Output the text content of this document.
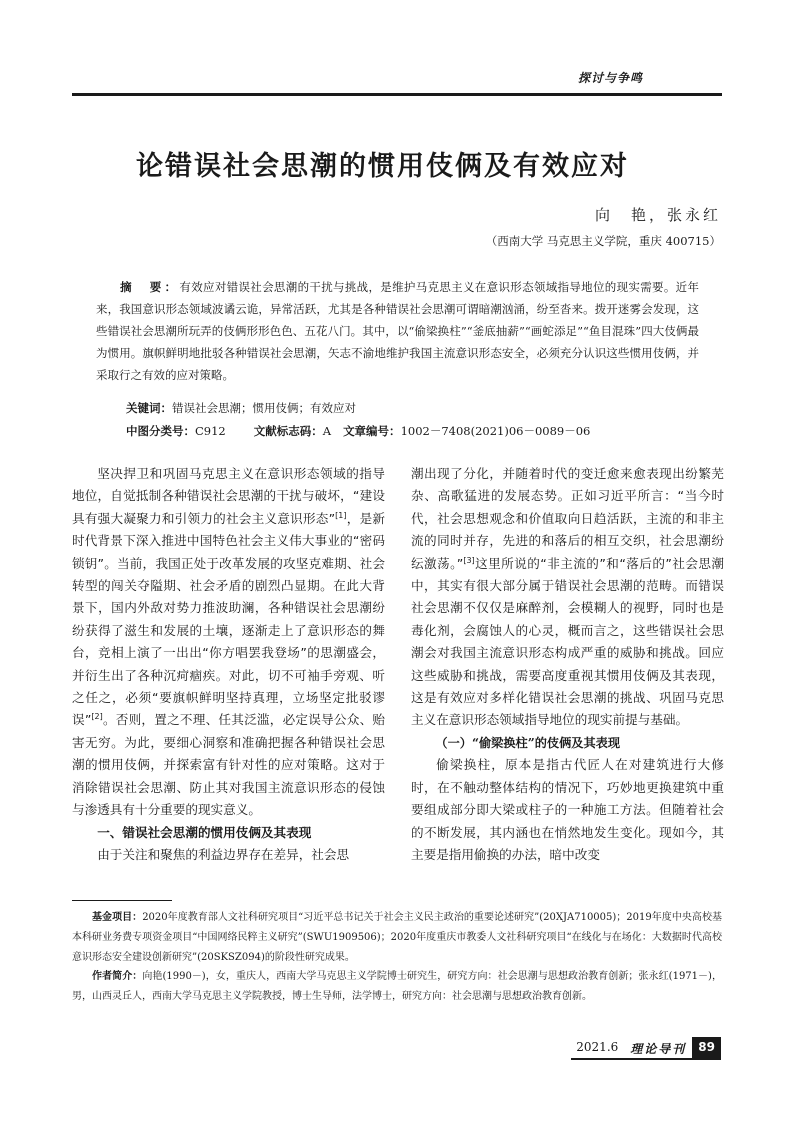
探讨与争鸣
论错误社会思潮的惯用伎俩及有效应对
向　艳，张永红
（西南大学 马克思主义学院，重庆 400715）
摘　要：有效应对错误社会思潮的干扰与挑战，是维护马克思主义在意识形态领域指导地位的现实需要。近年来，我国意识形态领域波谲云诡，异常活跃，尤其是各种错误社会思潮可谓暗潮汹涌，纷至沓来。拨开迷雾会发现，这些错误社会思潮所玩弄的伎俩形形色色、五花八门。其中，以“偷梁换柱”“釜底抽薪”“画蛇添足”“鱼目混珠”四大伎俩最为惯用。旗帜鲜明地批驳各种错误社会思潮，矢志不渝地维护我国主流意识形态安全，必须充分认识这些惯用伎俩，并采取行之有效的应对策略。
关键词：错误社会思潮；惯用伎俩；有效应对
中图分类号：C912 文献标志码：A 文章编号：1002－7408(2021)06－0089－06

坚决捍卫和巩固马克思主义在意识形态领域的指导地位，自觉抵制各种错误社会思潮的干扰与破坏，“建设具有强大凝聚力和引领力的社会主义意识形态”[1]，是新时代背景下深入推进中国特色社会主义伟大事业的“密码锁钥”。当前，我国正处于改革发展的攻坚克难期、社会转型的闯关夺隘期、社会矛盾的剧烈凸显期。在此大背景下，国内外敌对势力推波助澜，各种错误社会思潮纷纷获得了滋生和发展的土壤，逐渐走上了意识形态的舞台，竞相上演了一出出“你方唱罢我登场”的思潮盛会，并衍生出了各种沉疴痼疾。对此，切不可袖手旁观、听之任之，必须“要旗帜鲜明坚持真理，立场坚定批驳谬误”[2]。否则，置之不理、任其泛滥，必定误导公众、贻害无穷。为此，要细心洞察和准确把握各种错误社会思潮的惯用伎俩，并探索富有针对性的应对策略。这对于消除错误社会思潮、防止其对我国主流意识形态的侵蚀与渗透具有十分重要的现实意义。

一、错误社会思潮的惯用伎俩及其表现

由于关注和聚焦的利益边界存在差异，社会思

潮出现了分化，并随着时代的变迁愈来愈表现出纷繁芜杂、高歌猛进的发展态势。正如习近平所言：“当今时代，社会思想观念和价值取向日趋活跃，主流的和非主流的同时并存，先进的和落后的相互交织，社会思潮纷纭激荡。”[3]这里所说的“非主流的”和“落后的”社会思潮中，其实有很大部分属于错误社会思潮的范畴。而错误社会思潮不仅仅是麻醉剂，会模糊人的视野，同时也是毒化剂，会腐蚀人的心灵，概而言之，这些错误社会思潮会对我国主流意识形态构成严重的威胁和挑战。回应这些威胁和挑战，需要高度重视其惯用伎俩及其表现，这是有效应对多样化错误社会思潮的挑战、巩固马克思主义在意识形态领域指导地位的现实前提与基础。

（一）“偷梁换柱”的伎俩及其表现

偷梁换柱，原本是指古代匠人在对建筑进行大修时，在不触动整体结构的情况下，巧妙地更换建筑中重要组成部分即大梁或柱子的一种施工方法。但随着社会的不断发展，其内涵也在悄然地发生变化。现如今，其主要是指用偷换的办法，暗中改变

基金项目：2020年度教育部人文社科研究项目“习近平总书记关于社会主义民主政治的重要论述研究”(20XJA710005)；2019年度中央高校基本科研业务费专项资金项目“中国网络民粹主义研究”(SWU1909506)；2020年度重庆市教委人文社科研究项目“在线化与在场化：大数据时代高校意识形态安全建设创新研究”(20SKSZ094)的阶段性研究成果。

作者简介：向艳(1990－)，女，重庆人，西南大学马克思主义学院博士研究生，研究方向：社会思潮与思想政治教育创新；张永红(1971－)，男，山西灵丘人，西南大学马克思主义学院教授，博士生导师，法学博士，研究方向：社会思潮与思想政治教育创新。

2021.6	理论导刊	89
